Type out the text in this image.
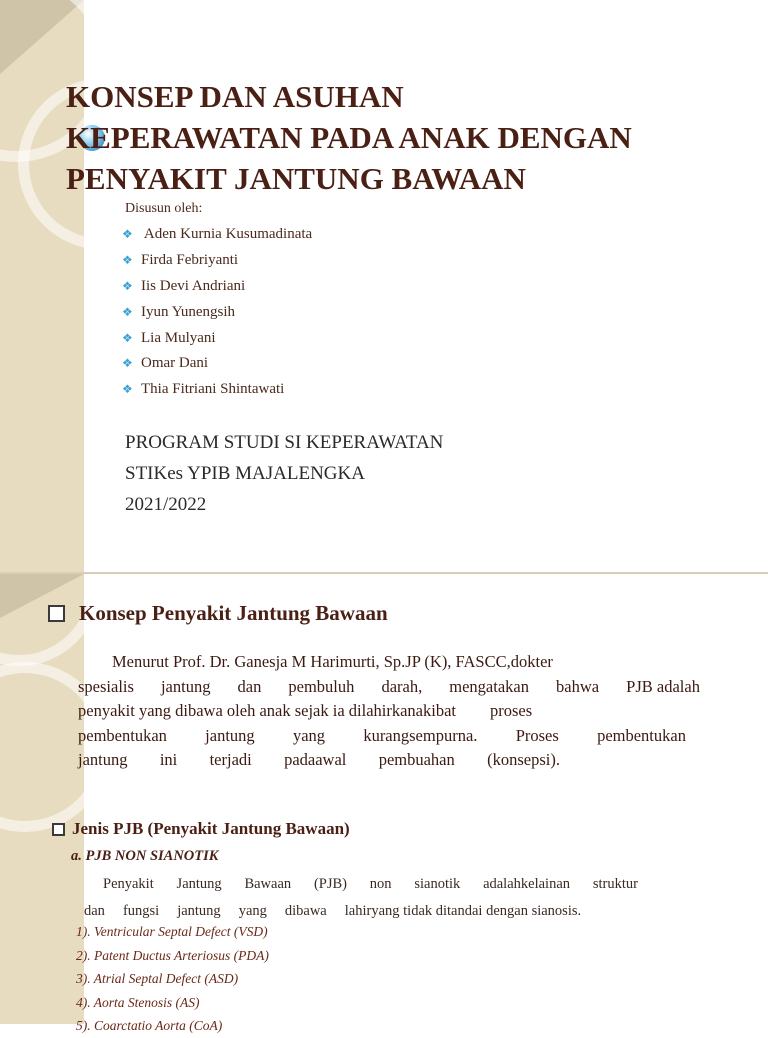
KONSEP DAN ASUHAN
KEPERAWATAN PADA ANAK DENGAN
PENYAKIT JANTUNG BAWAAN
Disusun oleh:
❖ Aden Kurnia Kusumadinata
❖ Firda Febriyanti
❖ Iis Devi Andriani
❖ Iyun Yunengsih
❖ Lia Mulyani
❖ Omar Dani
❖ Thia Fitriani Shintawati
PROGRAM STUDI SI KEPERAWATAN
STIKes YPIB MAJALENGKA
2021/2022
Konsep Penyakit Jantung Bawaan
Menurut Prof. Dr. Ganesja M Harimurti, Sp.JP (K), FASCC,dokter
spesialis jantung dan pembuluh darah, mengatakan bahwa PJB adalah
penyakit yang dibawa oleh anak sejak ia dilahirkanakibat proses
pembentukan jantung yang kurangsempurna. Proses pembentukan
jantung ini terjadi padaawal pembuahan (konsepsi).
Jenis PJB (Penyakit Jantung Bawaan)
a. PJB NON SIANOTIK
Penyakit Jantung Bawaan (PJB) non sianotik adalahkelainan struktur
dan fungsi jantung yang dibawa lahiryang tidak ditandai dengan sianosis.
1). Ventricular Septal Defect (VSD)
2). Patent Ductus Arteriosus (PDA)
3). Atrial Septal Defect (ASD)
4). Aorta Stenosis (AS)
5). Coarctatio Aorta (CoA)
